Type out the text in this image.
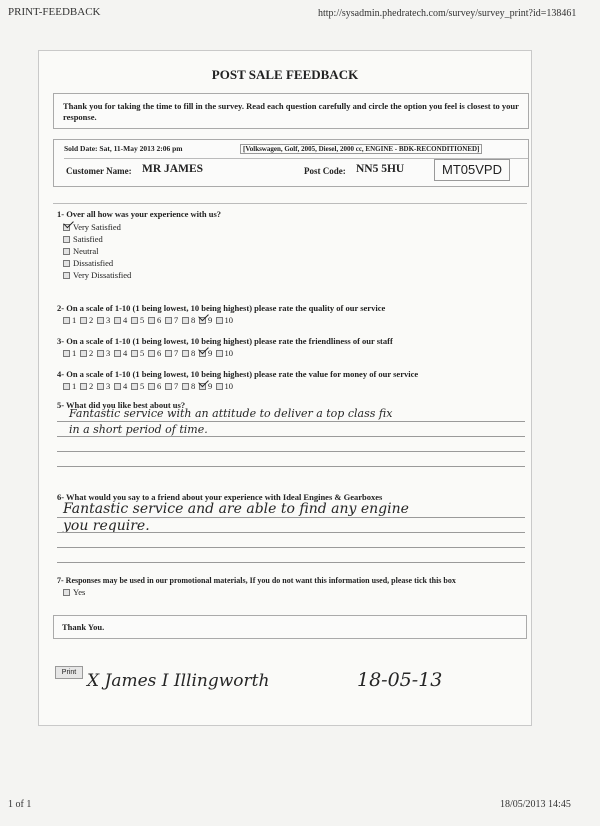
PRINT-FEEDBACK	http://sysadmin.phedratech.com/survey/survey_print?id=138461
POST SALE FEEDBACK
Thank you for taking the time to fill in the survey. Read each question carefully and circle the option you feel is closest to your response.
Sold Date: Sat, 11-May 2013 2:06 pm	[Volkswagen, Golf, 2005, Diesel, 2000 cc, ENGINE - BDK-RECONDITIONED]
Customer Name: MR JAMES	Post Code: NN5 5HU	MT05VPD
1- Over all how was your experience with us?
Very Satisfied
Satisfied
Neutral
Dissatisfied
Very Dissatisfied
2- On a scale of 1-10 (1 being lowest, 10 being highest) please rate the quality of our service
1 2 3 4 5 6 7 8 9 10
3- On a scale of 1-10 (1 being lowest, 10 being highest) please rate the friendliness of our staff
1 2 3 4 5 6 7 8 9 10
4- On a scale of 1-10 (1 being lowest, 10 being highest) please rate the value for money of our service
1 2 3 4 5 6 7 8 9 10
5- What did you like best about us?
Fantastic service with an attitude to deliver a top class fix
in a short period of time.
6- What would you say to a friend about your experience with Ideal Engines & Gearboxes
Fantastic service and are able to find any engine
you require.
7- Responses may be used in our promotional materials, If you do not want this information used, please tick this box
Yes
Thank You.
Print X James I Illingworth	18-05-13
1 of 1	18/05/2013 14:45
